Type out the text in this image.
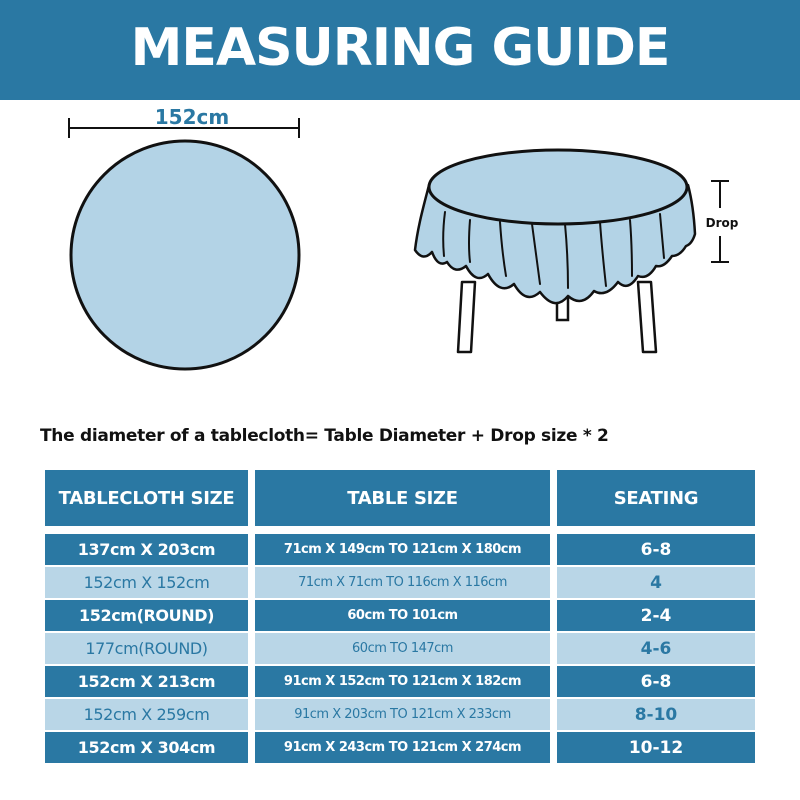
MEASURING GUIDE
152cm
Drop
The diameter of a tablecloth= Table Diameter + Drop size * 2
TABLECLOTH SIZE	TABLE SIZE	SEATING
137cm X 203cm	71cm X 149cm TO 121cm X 180cm	6-8
152cm X 152cm	71cm X 71cm TO 116cm X 116cm	4
152cm(ROUND)	60cm TO 101cm	2-4
177cm(ROUND)	60cm TO 147cm	4-6
152cm X 213cm	91cm X 152cm TO 121cm X 182cm	6-8
152cm X 259cm	91cm X 203cm TO 121cm X 233cm	8-10
152cm X 304cm	91cm X 243cm TO 121cm X 274cm	10-12
